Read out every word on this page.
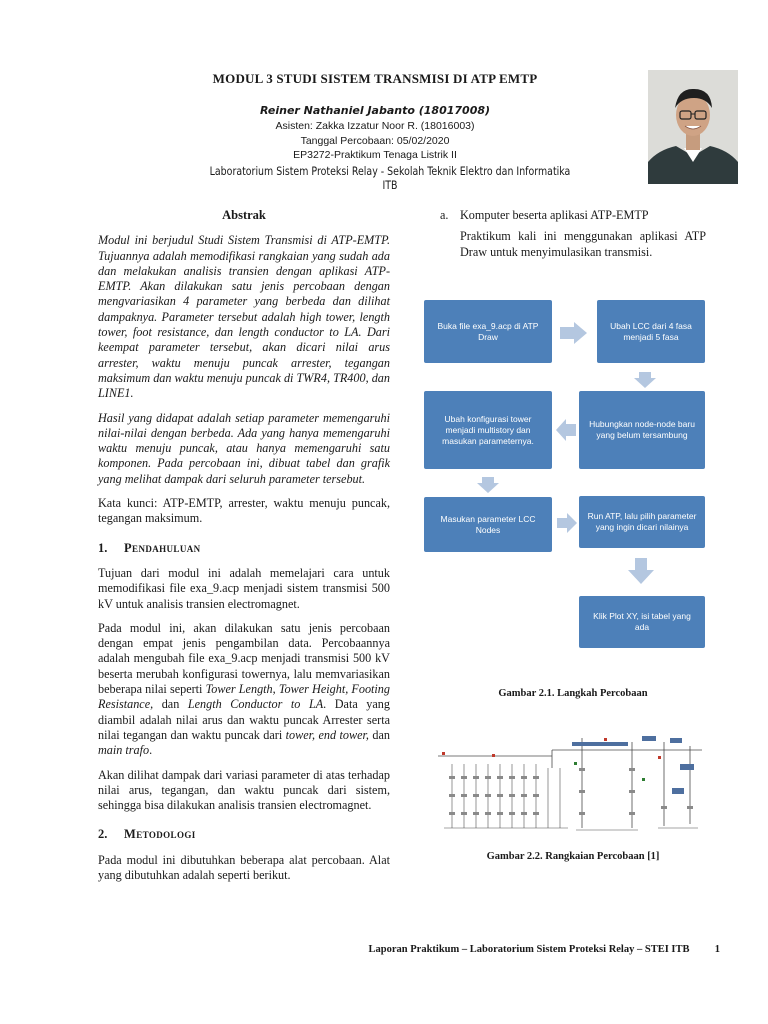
MODUL 3 STUDI SISTEM TRANSMISI DI ATP EMTP
Reiner Nathaniel Jabanto (18017008)
Asisten: Zakka Izzatur Noor R. (18016003)
Tanggal Percobaan: 05/02/2020
EP3272-Praktikum Tenaga Listrik II
Laboratorium Sistem Proteksi Relay - Sekolah Teknik Elektro dan Informatika ITB
Abstrak

Modul ini berjudul Studi Sistem Transmisi di ATP-EMTP. Tujuannya adalah memodifikasi rangkaian yang sudah ada dan melakukan analisis transien dengan aplikasi ATP-EMTP. Akan dilakukan satu jenis percobaan dengan mengvariasikan 4 parameter yang berbeda dan dilihat dampaknya. Parameter tersebut adalah high tower, length tower, foot resistance, dan length conductor to LA. Dari keempat parameter tersebut, akan dicari nilai arus arrester, waktu menuju puncak arrester, tegangan maksimum dan waktu menuju puncak di TWR4, TR400, dan LINE1.

Hasil yang didapat adalah setiap parameter memengaruhi nilai-nilai dengan berbeda. Ada yang hanya memengaruhi waktu menuju puncak, atau hanya memengaruhi satu komponen. Pada percobaan ini, dibuat tabel dan grafik yang melihat dampak dari seluruh parameter tersebut.

Kata kunci: ATP-EMTP, arrester, waktu menuju puncak, tegangan maksimum.

1. Pendahuluan

Tujuan dari modul ini adalah memelajari cara untuk memodifikasi file exa_9.acp menjadi sistem transmisi 500 kV untuk analisis transien electromagnet.

Pada modul ini, akan dilakukan satu jenis percobaan dengan empat jenis pengambilan data. Percobaannya adalah mengubah file exa_9.acp menjadi transmisi 500 kV beserta merubah konfigurasi towernya, lalu memvariasikan beberapa nilai seperti Tower Length, Tower Height, Footing Resistance, dan Length Conductor to LA. Data yang diambil adalah nilai arus dan waktu puncak Arrester serta nilai tegangan dan waktu puncak dari tower, end tower, dan main trafo.

Akan dilihat dampak dari variasi parameter di atas terhadap nilai arus, tegangan, dan waktu puncak dari sistem, sehingga bisa dilakukan analisis transien electromagnet.

2. Metodologi

Pada modul ini dibutuhkan beberapa alat percobaan. Alat yang dibutuhkan adalah seperti berikut.

a. Komputer beserta aplikasi ATP-EMTP

Praktikum kali ini menggunakan aplikasi ATP Draw untuk menyimulasikan transmisi.

Buka file exa_9.acp di ATP Draw
Ubah LCC dari 4 fasa menjadi 5 fasa
Hubungkan node-node baru yang belum tersambung
Ubah konfigurasi tower menjadi multistory dan masukan parameternya.
Masukan parameter LCC Nodes
Run ATP, lalu pilih parameter yang ingin dicari nilainya
Klik Plot XY, isi tabel yang ada
Gambar 2.1. Langkah Percobaan
Gambar 2.2. Rangkaian Percobaan [1]
Laporan Praktikum – Laboratorium Sistem Proteksi Relay – STEI ITB 1
